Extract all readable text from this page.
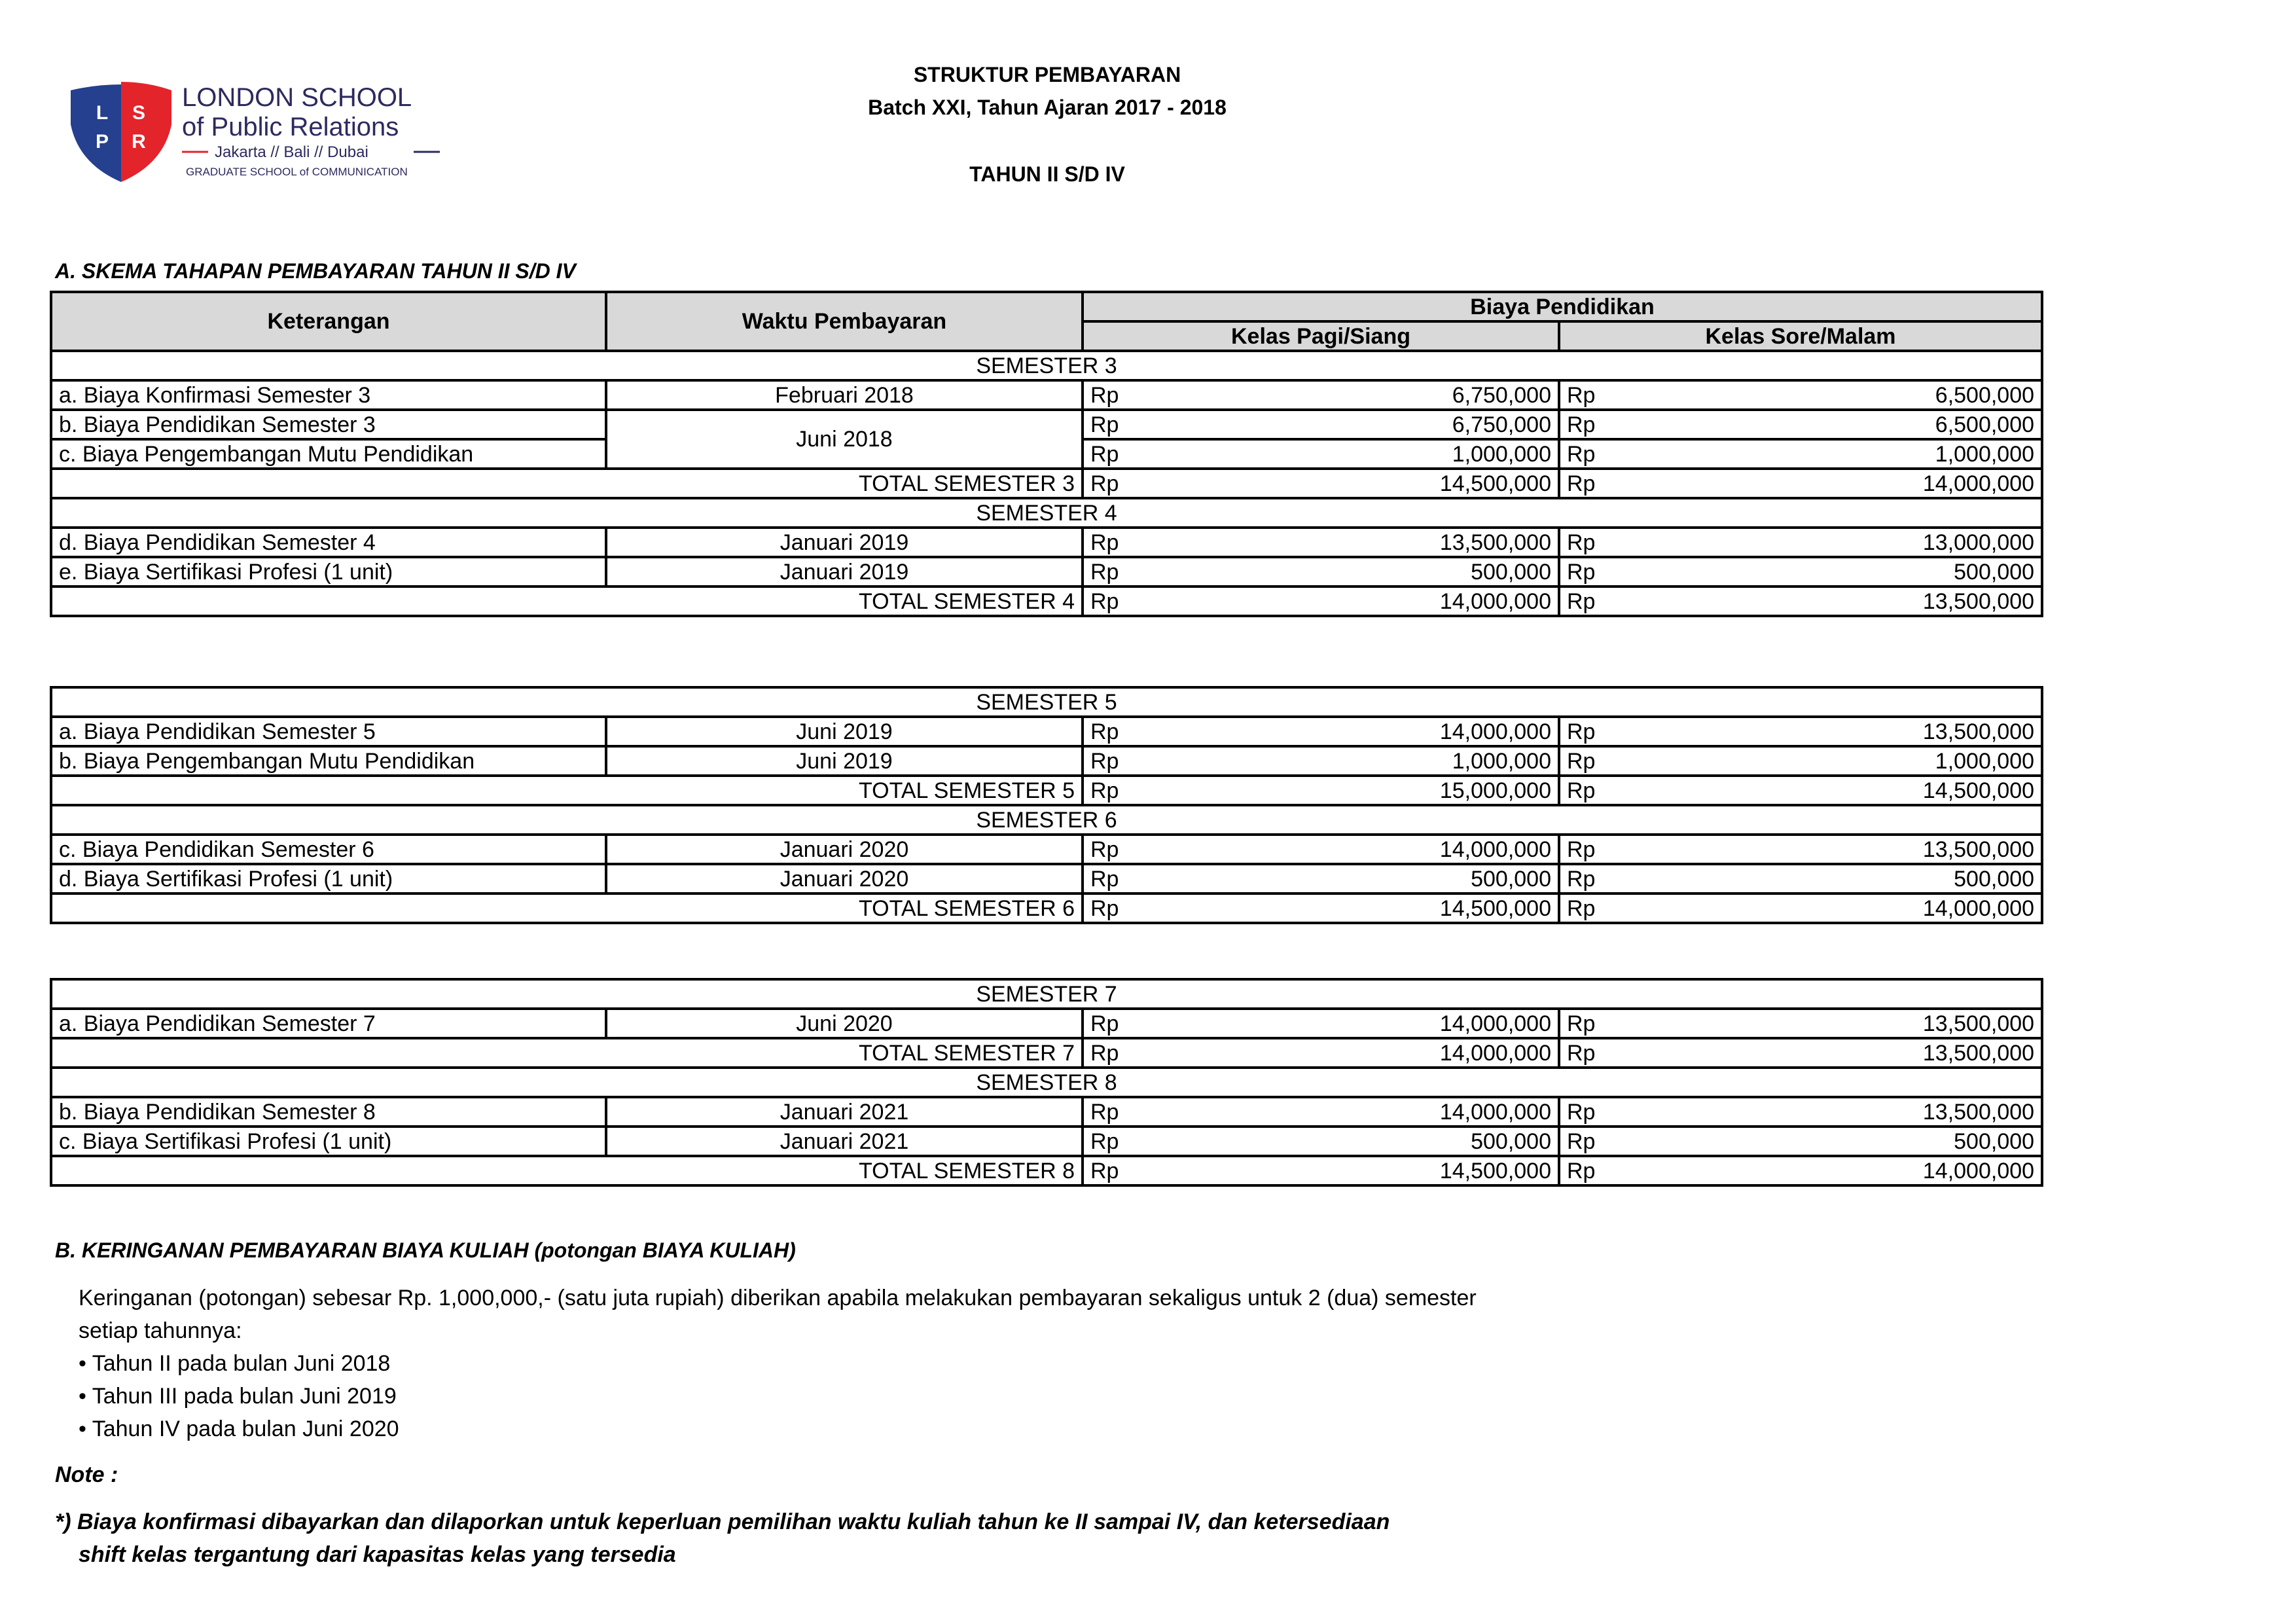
L S
P R
LONDON SCHOOL
of Public Relations
Jakarta // Bali // Dubai
GRADUATE SCHOOL of COMMUNICATION
STRUKTUR PEMBAYARAN
Batch XXI, Tahun Ajaran 2017 - 2018
TAHUN II S/D IV
A. SKEMA TAHAPAN PEMBAYARAN TAHUN II S/D IV
Keterangan	Waktu Pembayaran	Biaya Pendidikan			
		Kelas Pagi/Siang		Kelas Sore/Malam	
SEMESTER 3					
a. Biaya Konfirmasi Semester 3	Februari 2018	Rp	6,750,000	Rp	6,500,000
b. Biaya Pendidikan Semester 3	Juni 2018	Rp	6,750,000	Rp	6,500,000
c. Biaya Pengembangan Mutu Pendidikan		Rp	1,000,000	Rp	1,000,000
TOTAL SEMESTER 3		Rp	14,500,000	Rp	14,000,000
SEMESTER 4					
d. Biaya Pendidikan Semester 4	Januari 2019	Rp	13,500,000	Rp	13,000,000
e. Biaya Sertifikasi Profesi (1 unit)	Januari 2019	Rp	500,000	Rp	500,000
TOTAL SEMESTER 4		Rp	14,000,000	Rp	13,500,000
SEMESTER 5					
a. Biaya Pendidikan Semester 5	Juni 2019	Rp	14,000,000	Rp	13,500,000
b. Biaya Pengembangan Mutu Pendidikan	Juni 2019	Rp	1,000,000	Rp	1,000,000
TOTAL SEMESTER 5		Rp	15,000,000	Rp	14,500,000
SEMESTER 6					
c. Biaya Pendidikan Semester 6	Januari 2020	Rp	14,000,000	Rp	13,500,000
d. Biaya Sertifikasi Profesi (1 unit)	Januari 2020	Rp	500,000	Rp	500,000
TOTAL SEMESTER 6		Rp	14,500,000	Rp	14,000,000
SEMESTER 7					
a. Biaya Pendidikan Semester 7	Juni 2020	Rp	14,000,000	Rp	13,500,000
TOTAL SEMESTER 7		Rp	14,000,000	Rp	13,500,000
SEMESTER 8					
b. Biaya Pendidikan Semester 8	Januari 2021	Rp	14,000,000	Rp	13,500,000
c. Biaya Sertifikasi Profesi (1 unit)	Januari 2021	Rp	500,000	Rp	500,000
TOTAL SEMESTER 8		Rp	14,500,000	Rp	14,000,000
B. KERINGANAN PEMBAYARAN BIAYA KULIAH (potongan BIAYA KULIAH)
Keringanan (potongan) sebesar Rp. 1,000,000,- (satu juta rupiah) diberikan apabila melakukan pembayaran sekaligus untuk 2 (dua) semester
setiap tahunnya:
• Tahun II pada bulan Juni 2018
• Tahun III pada bulan Juni 2019
• Tahun IV pada bulan Juni 2020
Note :
*) Biaya konfirmasi dibayarkan dan dilaporkan untuk keperluan pemilihan waktu kuliah tahun ke II sampai IV, dan ketersediaan
shift kelas tergantung dari kapasitas kelas yang tersedia
